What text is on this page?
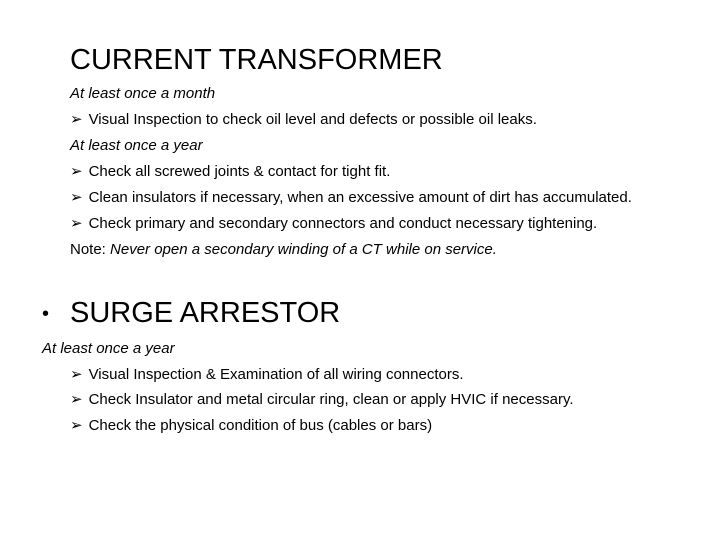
CURRENT TRANSFORMER
At least once a month
➢ Visual Inspection to check oil level and defects or possible oil leaks.
At least once a year
➢ Check all screwed joints & contact for tight fit.
➢ Clean insulators if necessary, when an excessive amount of dirt has accumulated.
➢ Check primary and secondary connectors and conduct necessary tightening.
Note: Never open a secondary winding of a CT while on service.
• SURGE ARRESTOR
At least once a year
➢ Visual Inspection & Examination of all wiring connectors.
➢ Check Insulator and metal circular ring, clean or apply HVIC if necessary.
➢ Check the physical condition of bus (cables or bars)
